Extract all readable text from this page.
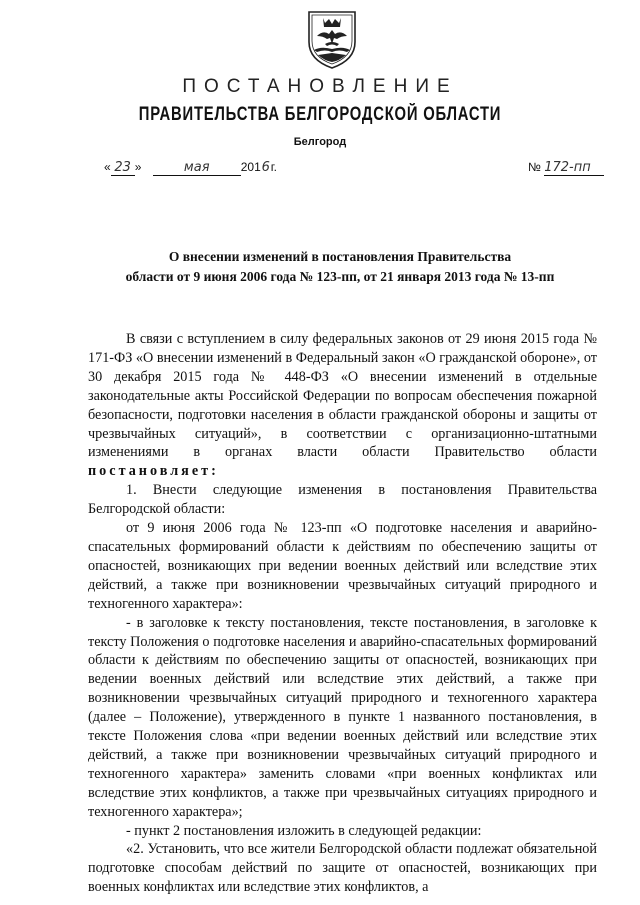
ПОСТАНОВЛЕНИЕ
ПРАВИТЕЛЬСТВА БЕЛГОРОДСКОЙ ОБЛАСТИ
Белгород
« 23 »	мая	2016г.	№ 172-пп
О внесении изменений в постановления Правительства
области от 9 июня 2006 года № 123-пп, от 21 января 2013 года № 13-пп

В связи с вступлением в силу федеральных законов от 29 июня 2015 года № 171-ФЗ «О внесении изменений в Федеральный закон «О гражданской обороне», от 30 декабря 2015 года № 448-ФЗ «О внесении изменений в отдельные законодательные акты Российской Федерации по вопросам обеспечения пожарной безопасности, подготовки населения в области гражданской обороны и защиты от чрезвычайных ситуаций», в соответствии с организационно-штатными изменениями в органах власти области Правительство области постановляет:

1. Внести следующие изменения в постановления Правительства Белгородской области:

от 9 июня 2006 года № 123-пп «О подготовке населения и аварийно-спасательных формирований области к действиям по обеспечению защиты от опасностей, возникающих при ведении военных действий или вследствие этих действий, а также при возникновении чрезвычайных ситуаций природного и техногенного характера»:

- в заголовке к тексту постановления, тексте постановления, в заголовке к тексту Положения о подготовке населения и аварийно-спасательных формирований области к действиям по обеспечению защиты от опасностей, возникающих при ведении военных действий или вследствие этих действий, а также при возникновении чрезвычайных ситуаций природного и техногенного характера (далее – Положение), утвержденного в пункте 1 названного постановления, в тексте Положения слова «при ведении военных действий или вследствие этих действий, а также при возникновении чрезвычайных ситуаций природного и техногенного характера» заменить словами «при военных конфликтах или вследствие этих конфликтов, а также при чрезвычайных ситуациях природного и техногенного характера»;

- пункт 2 постановления изложить в следующей редакции:

«2. Установить, что все жители Белгородской области подлежат обязательной подготовке способам действий по защите от опасностей, возникающих при военных конфликтах или вследствие этих конфликтов, а
